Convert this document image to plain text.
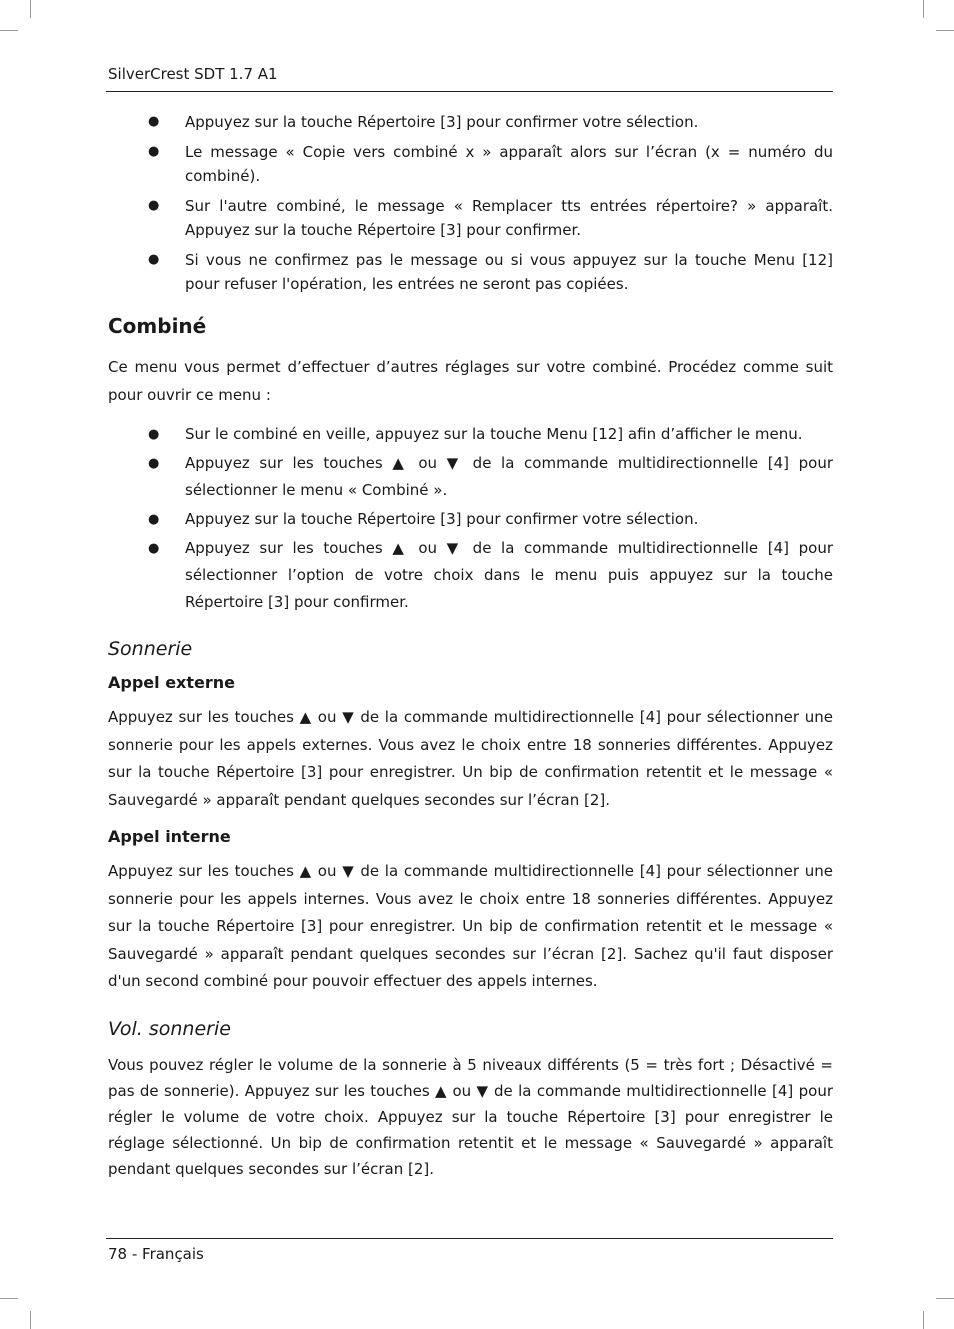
SilverCrest SDT 1.7 A1
● Appuyez sur la touche Répertoire [3] pour confirmer votre sélection.
● Le message « Copie vers combiné x » apparaît alors sur l’écran (x = numéro du combiné).
● Sur l'autre combiné, le message « Remplacer tts entrées répertoire? » apparaît. Appuyez sur la touche Répertoire [3] pour confirmer.
● Si vous ne confirmez pas le message ou si vous appuyez sur la touche Menu [12] pour refuser l'opération, les entrées ne seront pas copiées.
Combiné

Ce menu vous permet d’effectuer d’autres réglages sur votre combiné. Procédez comme suit pour ouvrir ce menu :

● Sur le combiné en veille, appuyez sur la touche Menu [12] afin d’afficher le menu.
● Appuyez sur les touches ▲ ou ▼ de la commande multidirectionnelle [4] pour sélectionner le menu « Combiné ».
● Appuyez sur la touche Répertoire [3] pour confirmer votre sélection.
● Appuyez sur les touches ▲ ou ▼ de la commande multidirectionnelle [4] pour sélectionner l’option de votre choix dans le menu puis appuyez sur la touche Répertoire [3] pour confirmer.
Sonnerie
Appel externe

Appuyez sur les touches ▲ ou ▼ de la commande multidirectionnelle [4] pour sélectionner une sonnerie pour les appels externes. Vous avez le choix entre 18 sonneries différentes. Appuyez sur la touche Répertoire [3] pour enregistrer. Un bip de confirmation retentit et le message « Sauvegardé » apparaît pendant quelques secondes sur l’écran [2].

Appel interne

Appuyez sur les touches ▲ ou ▼ de la commande multidirectionnelle [4] pour sélectionner une sonnerie pour les appels internes. Vous avez le choix entre 18 sonneries différentes. Appuyez sur la touche Répertoire [3] pour enregistrer. Un bip de confirmation retentit et le message « Sauvegardé » apparaît pendant quelques secondes sur l’écran [2]. Sachez qu'il faut disposer d'un second combiné pour pouvoir effectuer des appels internes.

Vol. sonnerie

Vous pouvez régler le volume de la sonnerie à 5 niveaux différents (5 = très fort ; Désactivé = pas de sonnerie). Appuyez sur les touches ▲ ou ▼ de la commande multidirectionnelle [4] pour régler le volume de votre choix. Appuyez sur la touche Répertoire [3] pour enregistrer le réglage sélectionné. Un bip de confirmation retentit et le message « Sauvegardé » apparaît pendant quelques secondes sur l’écran [2].

78 - Français
